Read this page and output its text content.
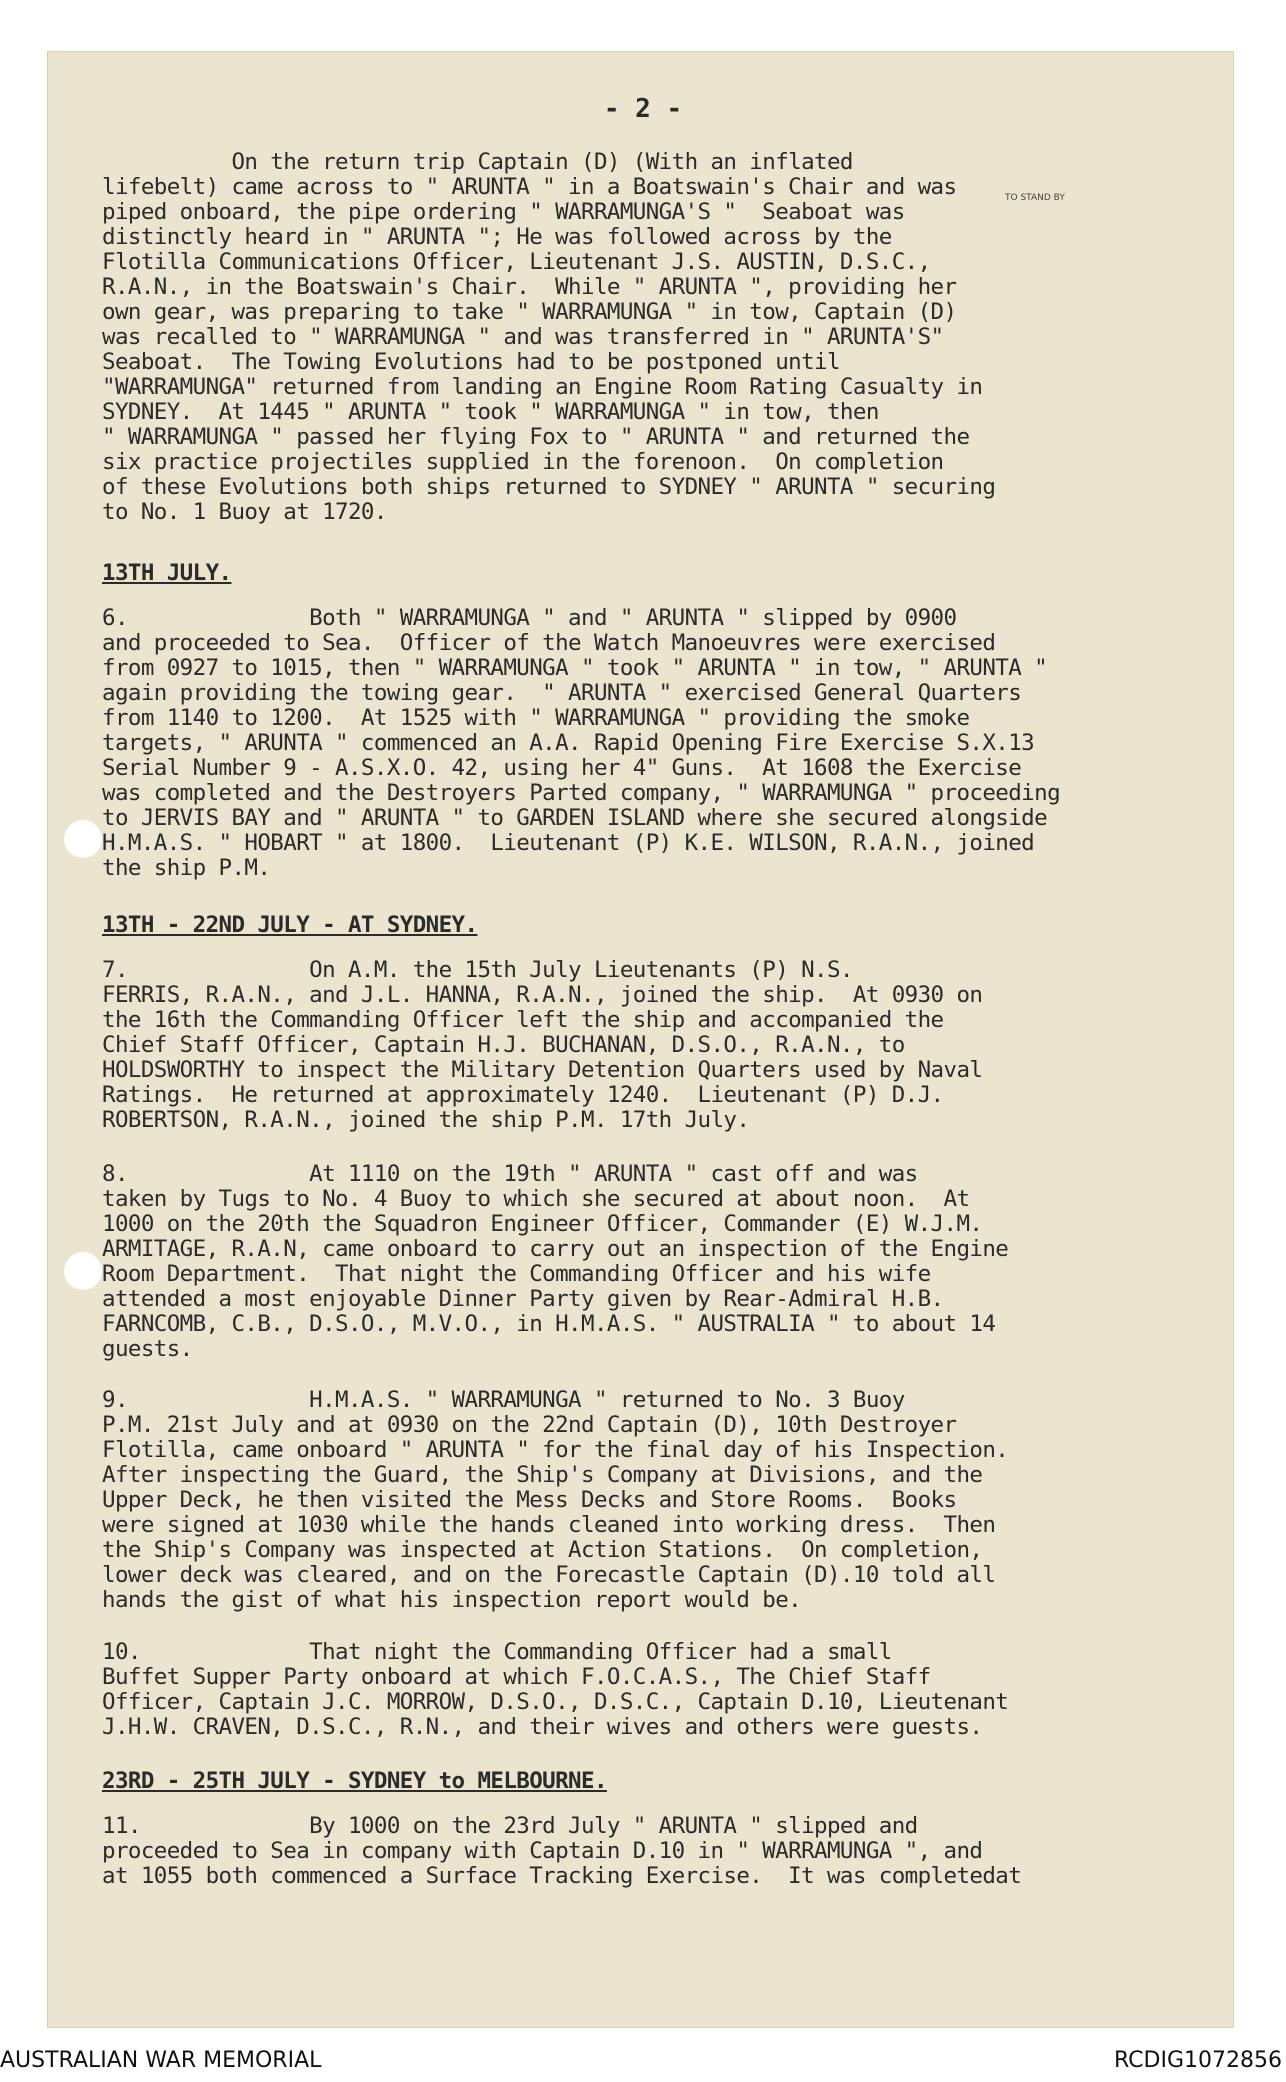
- 2 -
TO STAND BY
On the return trip Captain (D) (With an inflated
lifebelt) came across to " ARUNTA " in a Boatswain's Chair and was
piped onboard, the pipe ordering " WARRAMUNGA'S "  Seaboat was
distinctly heard in " ARUNTA "; He was followed across by the
Flotilla Communications Officer, Lieutenant J.S. AUSTIN, D.S.C.,
R.A.N., in the Boatswain's Chair.  While " ARUNTA ", providing her
own gear, was preparing to take " WARRAMUNGA " in tow, Captain (D)
was recalled to " WARRAMUNGA " and was transferred in " ARUNTA'S"
Seaboat.  The Towing Evolutions had to be postponed until
"WARRAMUNGA" returned from landing an Engine Room Rating Casualty in
SYDNEY.  At 1445 " ARUNTA " took " WARRAMUNGA " in tow, then
" WARRAMUNGA " passed her flying Fox to " ARUNTA " and returned the
six practice projectiles supplied in the forenoon.  On completion
of these Evolutions both ships returned to SYDNEY " ARUNTA " securing
to No. 1 Buoy at 1720.
13TH JULY.
6.              Both " WARRAMUNGA " and " ARUNTA " slipped by 0900
and proceeded to Sea.  Officer of the Watch Manoeuvres were exercised
from 0927 to 1015, then " WARRAMUNGA " took " ARUNTA " in tow, " ARUNTA "
again providing the towing gear.  " ARUNTA " exercised General Quarters
from 1140 to 1200.  At 1525 with " WARRAMUNGA " providing the smoke
targets, " ARUNTA " commenced an A.A. Rapid Opening Fire Exercise S.X.13
Serial Number 9 - A.S.X.O. 42, using her 4" Guns.  At 1608 the Exercise
was completed and the Destroyers Parted company, " WARRAMUNGA " proceeding
to JERVIS BAY and " ARUNTA " to GARDEN ISLAND where she secured alongside
H.M.A.S. " HOBART " at 1800.  Lieutenant (P) K.E. WILSON, R.A.N., joined
the ship P.M.
13TH - 22ND JULY - AT SYDNEY.
7.              On A.M. the 15th July Lieutenants (P) N.S.
FERRIS, R.A.N., and J.L. HANNA, R.A.N., joined the ship.  At 0930 on
the 16th the Commanding Officer left the ship and accompanied the
Chief Staff Officer, Captain H.J. BUCHANAN, D.S.O., R.A.N., to
HOLDSWORTHY to inspect the Military Detention Quarters used by Naval
Ratings.  He returned at approximately 1240.  Lieutenant (P) D.J.
ROBERTSON, R.A.N., joined the ship P.M. 17th July.
8.              At 1110 on the 19th " ARUNTA " cast off and was
taken by Tugs to No. 4 Buoy to which she secured at about noon.  At
1000 on the 20th the Squadron Engineer Officer, Commander (E) W.J.M.
ARMITAGE, R.A.N, came onboard to carry out an inspection of the Engine
Room Department.  That night the Commanding Officer and his wife
attended a most enjoyable Dinner Party given by Rear-Admiral H.B.
FARNCOMB, C.B., D.S.O., M.V.O., in H.M.A.S. " AUSTRALIA " to about 14
guests.
9.              H.M.A.S. " WARRAMUNGA " returned to No. 3 Buoy
P.M. 21st July and at 0930 on the 22nd Captain (D), 10th Destroyer
Flotilla, came onboard " ARUNTA " for the final day of his Inspection.
After inspecting the Guard, the Ship's Company at Divisions, and the
Upper Deck, he then visited the Mess Decks and Store Rooms.  Books
were signed at 1030 while the hands cleaned into working dress.  Then
the Ship's Company was inspected at Action Stations.  On completion,
lower deck was cleared, and on the Forecastle Captain (D).10 told all
hands the gist of what his inspection report would be.
10.             That night the Commanding Officer had a small
Buffet Supper Party onboard at which F.O.C.A.S., The Chief Staff
Officer, Captain J.C. MORROW, D.S.O., D.S.C., Captain D.10, Lieutenant
J.H.W. CRAVEN, D.S.C., R.N., and their wives and others were guests.
23RD - 25TH JULY - SYDNEY to MELBOURNE.
11.             By 1000 on the 23rd July " ARUNTA " slipped and
proceeded to Sea in company with Captain D.10 in " WARRAMUNGA ", and
at 1055 both commenced a Surface Tracking Exercise.  It was completedat
AUSTRALIAN WAR MEMORIAL	RCDIG1072856
